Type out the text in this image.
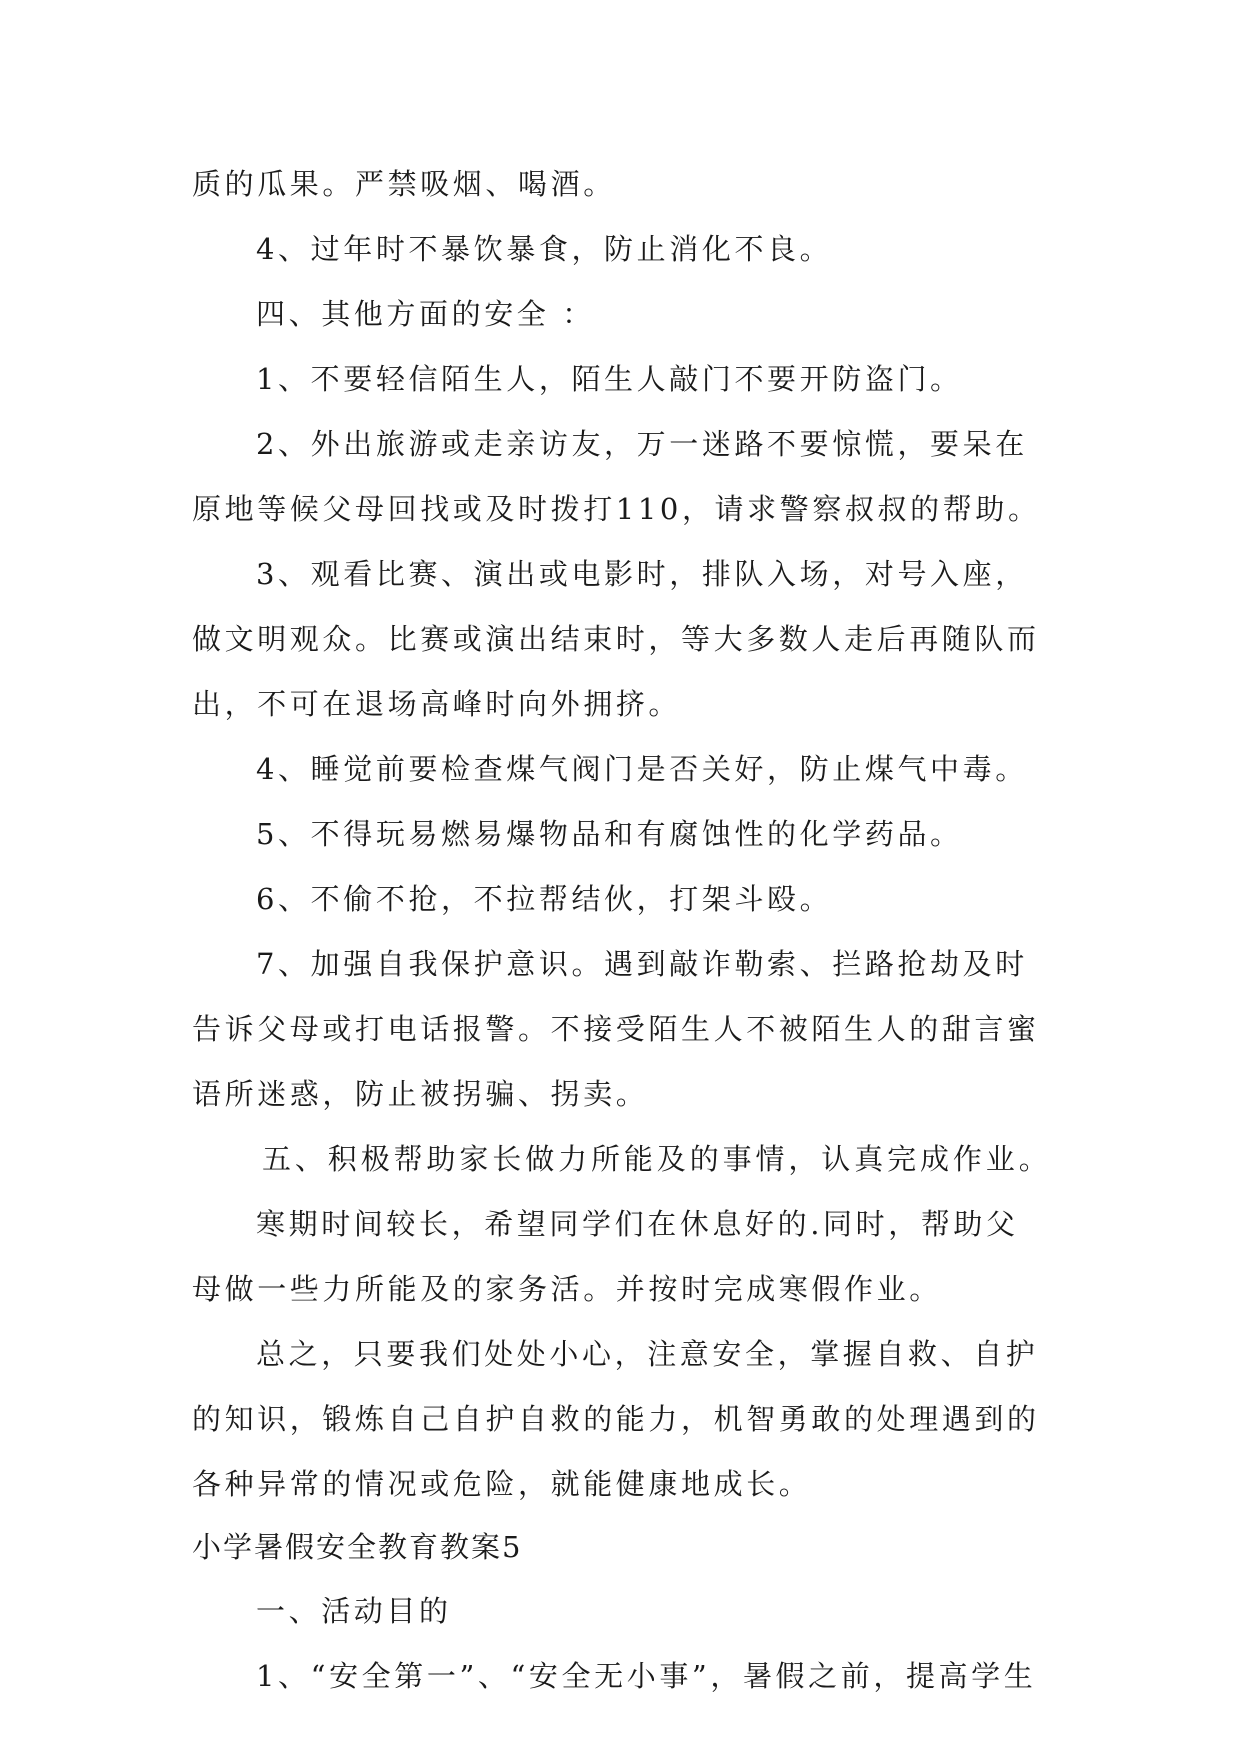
质的瓜果。严禁吸烟、喝酒。

4、过年时不暴饮暴食，防止消化不良。

四、其他方面的安全 ：

1、不要轻信陌生人，陌生人敲门不要开防盗门。

2、外出旅游或走亲访友，万一迷路不要惊慌，要呆在

原地等候父母回找或及时拨打110，请求警察叔叔的帮助。

3、观看比赛、演出或电影时，排队入场，对号入座，

做文明观众。比赛或演出结束时，等大多数人走后再随队而

出，不可在退场高峰时向外拥挤。

4、睡觉前要检查煤气阀门是否关好，防止煤气中毒。

5、不得玩易燃易爆物品和有腐蚀性的化学药品。

6、不偷不抢，不拉帮结伙，打架斗殴。

7、加强自我保护意识。遇到敲诈勒索、拦路抢劫及时

告诉父母或打电话报警。不接受陌生人不被陌生人的甜言蜜

语所迷惑，防止被拐骗、拐卖。

五、积极帮助家长做力所能及的事情，认真完成作业。

寒期时间较长，希望同学们在休息好的.同时，帮助父

母做一些力所能及的家务活。并按时完成寒假作业。

总之，只要我们处处小心，注意安全，掌握自救、自护

的知识，锻炼自己自护自救的能力，机智勇敢的处理遇到的

各种异常的情况或危险，就能健康地成长。

小学暑假安全教育教案5

一、活动目的

1、“安全第一”、“安全无小事”，暑假之前，提高学生
